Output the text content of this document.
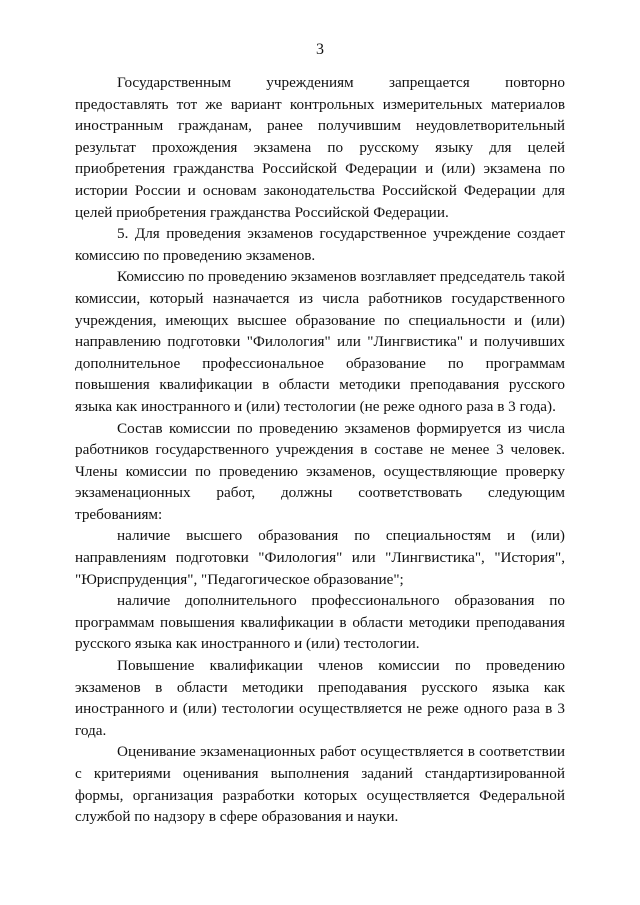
3

Государственным учреждениям запрещается повторно предоставлять тот же вариант контрольных измерительных материалов иностранным гражданам, ранее получившим неудовлетворительный результат прохождения экзамена по русскому языку для целей приобретения гражданства Российской Федерации и (или) экзамена по истории России и основам законодательства Российской Федерации для целей приобретения гражданства Российской Федерации.

5. Для проведения экзаменов государственное учреждение создает комиссию по проведению экзаменов.

Комиссию по проведению экзаменов возглавляет председатель такой комиссии, который назначается из числа работников государственного учреждения, имеющих высшее образование по специальности и (или) направлению подготовки "Филология" или "Лингвистика" и получивших дополнительное профессиональное образование по программам повышения квалификации в области методики преподавания русского языка как иностранного и (или) тестологии (не реже одного раза в 3 года).

Состав комиссии по проведению экзаменов формируется из числа работников государственного учреждения в составе не менее 3 человек. Члены комиссии по проведению экзаменов, осуществляющие проверку экзаменационных работ, должны соответствовать следующим требованиям:

наличие высшего образования по специальностям и (или) направлениям подготовки "Филология" или "Лингвистика", "История", "Юриспруденция", "Педагогическое образование";

наличие дополнительного профессионального образования по программам повышения квалификации в области методики преподавания русского языка как иностранного и (или) тестологии.

Повышение квалификации членов комиссии по проведению экзаменов в области методики преподавания русского языка как иностранного и (или) тестологии осуществляется не реже одного раза в 3 года.

Оценивание экзаменационных работ осуществляется в соответствии с критериями оценивания выполнения заданий стандартизированной формы, организация разработки которых осуществляется Федеральной службой по надзору в сфере образования и науки.
